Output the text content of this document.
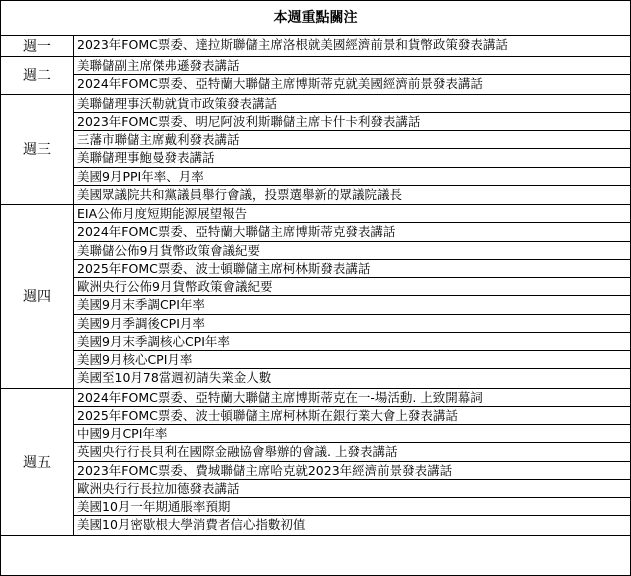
本週重點關注
週一	2023年FOMC票委、達拉斯聯儲主席洛根就美國經濟前景和貨幣政策發表講話
週二
美聯儲副主席傑弗遜發表講話
2024年FOMC票委、亞特蘭大聯儲主席博斯蒂克就美國經濟前景發表講話
週三
美聯儲理事沃勒就貨市政策發表講話
2023年FOMC票委、明尼阿波利斯聯儲主席卡什卡利發表講話
三藩市聯儲主席戴利發表講話
美聯儲理事鮑曼發表講話
美國9月PPI年率、月率
美國眾議院共和黨議員舉行會議，投票選舉新的眾議院議長
週四
EIA公佈月度短期能源展望報告
2024年FOMC票委、亞特蘭大聯儲主席博斯蒂克發表講話
美聯儲公佈9月貨幣政策會議紀要
2025年FOMC票委、波士頓聯儲主席柯林斯發表講話
歐洲央行公佈9月貨幣政策會議紀要
美國9月末季調CPI年率
美國9月季調後CPI月率
美國9月末季調核心CPI年率
美國9月核心CPI月率
美國至10月78當週初請失業金人數
週五
2024年FOMC票委、亞特蘭大聯儲主席博斯蒂克在一-場活動. 上致開幕詞
2025年FOMC票委、波士頓聯儲主席柯林斯在銀行業大會上發表講話
中國9月CPI年率
英國央行行長貝利在國際金融協會舉辦的會議. 上發表講話
2023年FOMC票委、費城聯儲主席哈克就2023年經濟前景發表講話
歐洲央行行長拉加德發表講話
美國10月一年期通脹率預期
美國10月密歇根大學消費者信心指數初值
